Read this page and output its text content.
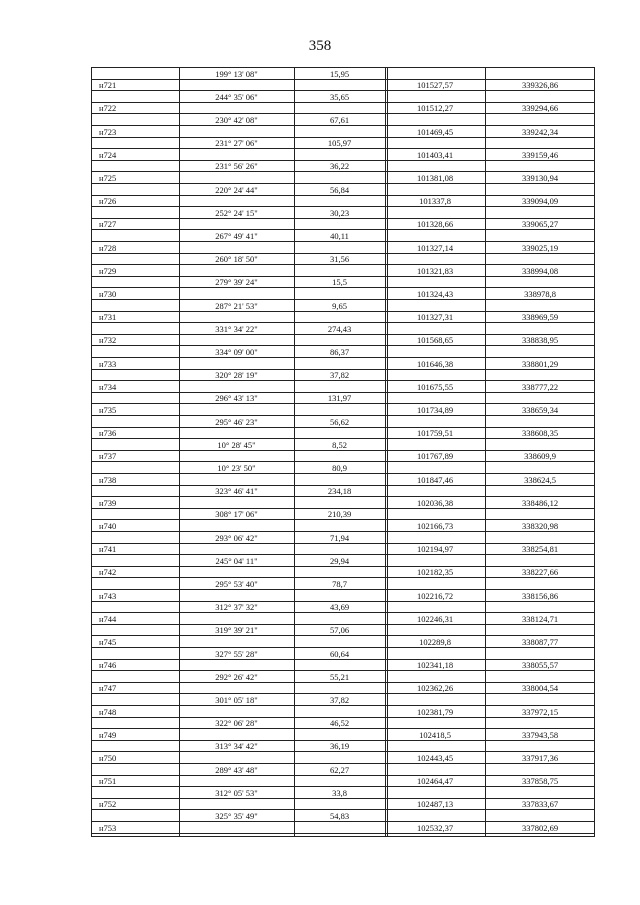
358
199° 13' 08"	15,95
н721	101527,57	339326,86
244° 35' 06"	35,65
н722	101512,27	339294,66
230° 42' 08"	67,61
н723	101469,45	339242,34
231° 27' 06"	105,97
н724	101403,41	339159,46
231° 56' 26"	36,22
н725	101381,08	339130,94
220° 24' 44"	56,84
н726	101337,8	339094,09
252° 24' 15"	30,23
н727	101328,66	339065,27
267° 49' 41"	40,11
н728	101327,14	339025,19
260° 18' 50"	31,56
н729	101321,83	338994,08
279° 39' 24"	15,5
н730	101324,43	338978,8
287° 21' 53"	9,65
н731	101327,31	338969,59
331° 34' 22"	274,43
н732	101568,65	338838,95
334° 09' 00"	86,37
н733	101646,38	338801,29
320° 28' 19"	37,82
н734	101675,55	338777,22
296° 43' 13"	131,97
н735	101734,89	338659,34
295° 46' 23"	56,62
н736	101759,51	338608,35
10° 28' 45"	8,52
н737	101767,89	338609,9
10° 23' 50"	80,9
н738	101847,46	338624,5
323° 46' 41"	234,18
н739	102036,38	338486,12
308° 17' 06"	210,39
н740	102166,73	338320,98
293° 06' 42"	71,94
н741	102194,97	338254,81
245° 04' 11"	29,94
н742	102182,35	338227,66
295° 53' 40"	78,7
н743	102216,72	338156,86
312° 37' 32"	43,69
н744	102246,31	338124,71
319° 39' 21"	57,06
н745	102289,8	338087,77
327° 55' 28"	60,64
н746	102341,18	338055,57
292° 26' 42"	55,21
н747	102362,26	338004,54
301° 05' 18"	37,82
н748	102381,79	337972,15
322° 06' 28"	46,52
н749	102418,5	337943,58
313° 34' 42"	36,19
н750	102443,45	337917,36
289° 43' 48"	62,27
н751	102464,47	337858,75
312° 05' 53"	33,8
н752	102487,13	337833,67
325° 35' 49"	54,83
н753	102532,37	337802,69
